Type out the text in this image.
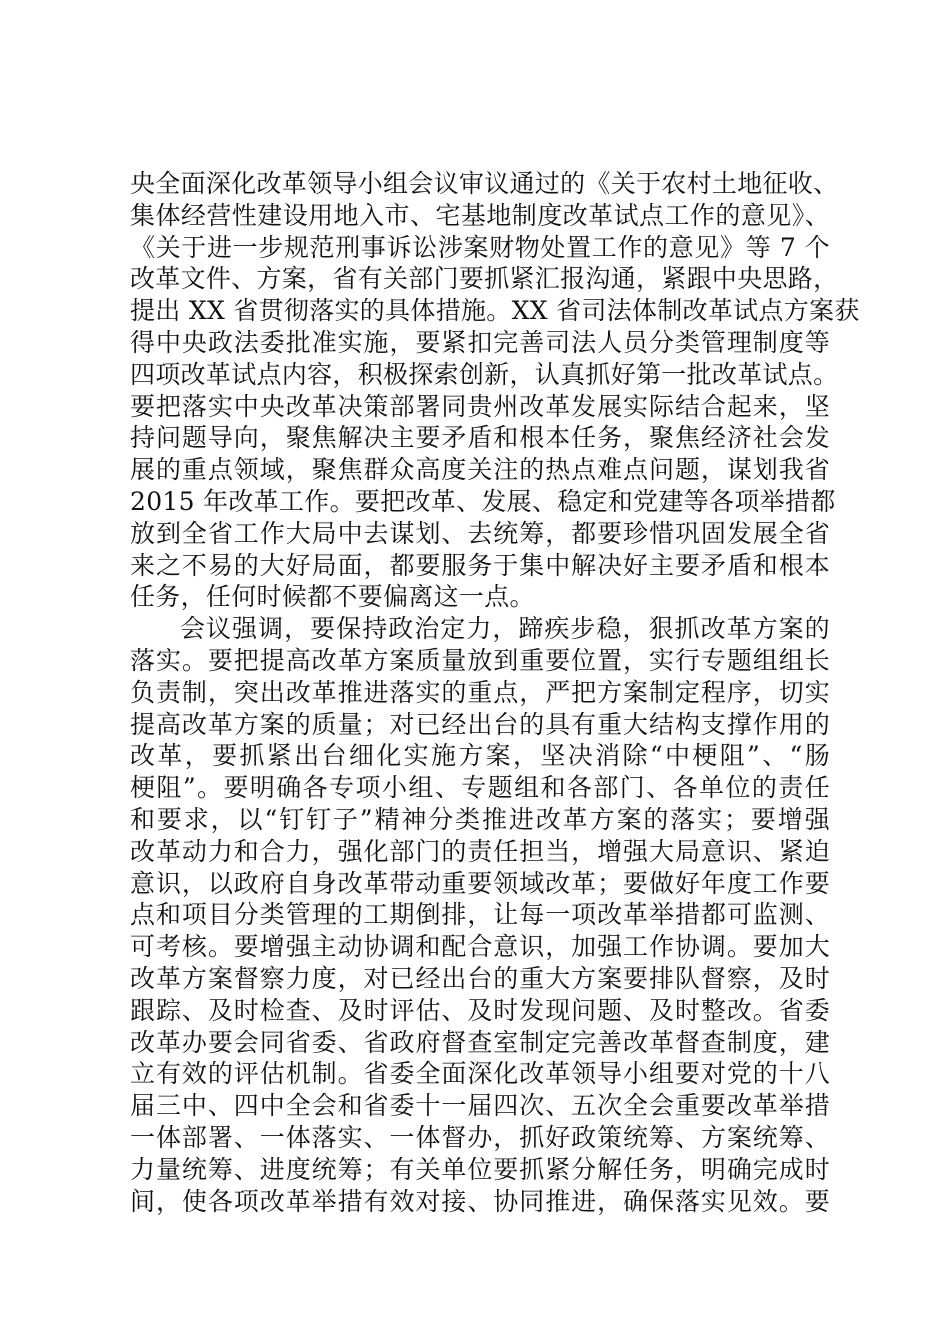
央全面深化改革领导小组会议审议通过的《关于农村土地征收、
集体经营性建设用地入市、宅基地制度改革试点工作的意见》、
《关于进一步规范刑事诉讼涉案财物处置工作的意见》等 7 个
改革文件、方案，省有关部门要抓紧汇报沟通，紧跟中央思路，
提出 XX 省贯彻落实的具体措施。XX 省司法体制改革试点方案获
得中央政法委批准实施，要紧扣完善司法人员分类管理制度等
四项改革试点内容，积极探索创新，认真抓好第一批改革试点。
要把落实中央改革决策部署同贵州改革发展实际结合起来，坚
持问题导向，聚焦解决主要矛盾和根本任务，聚焦经济社会发
展的重点领域，聚焦群众高度关注的热点难点问题，谋划我省
2015 年改革工作。要把改革、发展、稳定和党建等各项举措都
放到全省工作大局中去谋划、去统筹，都要珍惜巩固发展全省
来之不易的大好局面，都要服务于集中解决好主要矛盾和根本
任务，任何时候都不要偏离这一点。
会议强调，要保持政治定力，蹄疾步稳，狠抓改革方案的
落实。要把提高改革方案质量放到重要位置，实行专题组组长
负责制，突出改革推进落实的重点，严把方案制定程序，切实
提高改革方案的质量；对已经出台的具有重大结构支撑作用的
改革，要抓紧出台细化实施方案，坚决消除“中梗阻”、“肠
梗阻”。要明确各专项小组、专题组和各部门、各单位的责任
和要求，以“钉钉子”精神分类推进改革方案的落实；要增强
改革动力和合力，强化部门的责任担当，增强大局意识、紧迫
意识，以政府自身改革带动重要领域改革；要做好年度工作要
点和项目分类管理的工期倒排，让每一项改革举措都可监测、
可考核。要增强主动协调和配合意识，加强工作协调。要加大
改革方案督察力度，对已经出台的重大方案要排队督察，及时
跟踪、及时检查、及时评估、及时发现问题、及时整改。省委
改革办要会同省委、省政府督查室制定完善改革督查制度，建
立有效的评估机制。省委全面深化改革领导小组要对党的十八
届三中、四中全会和省委十一届四次、五次全会重要改革举措
一体部署、一体落实、一体督办，抓好政策统筹、方案统筹、
力量统筹、进度统筹；有关单位要抓紧分解任务，明确完成时
间，使各项改革举措有效对接、协同推进，确保落实见效。要
